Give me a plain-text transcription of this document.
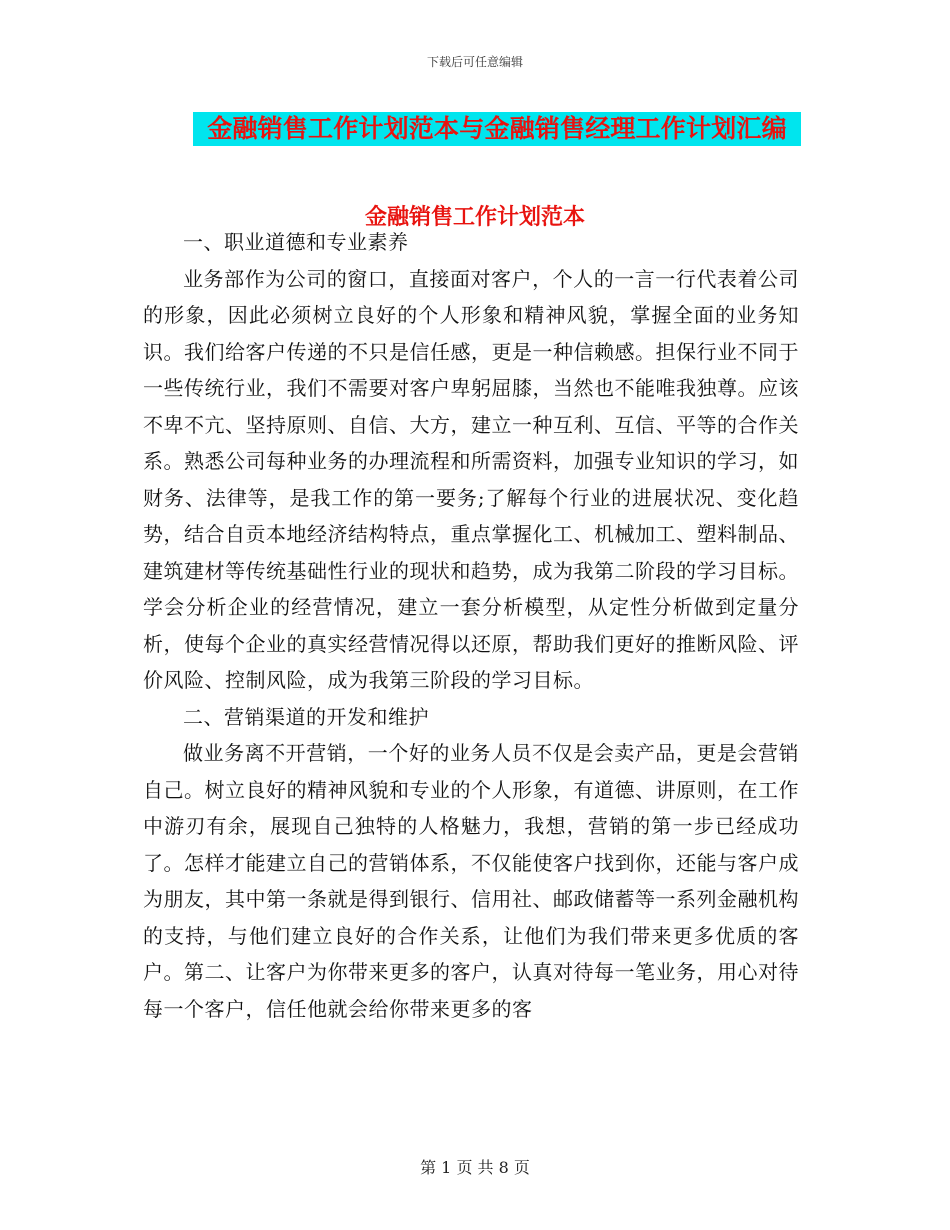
下载后可任意编辑
金融销售工作计划范本与金融销售经理工作计划汇编
金融销售工作计划范本

一、职业道德和专业素养

业务部作为公司的窗口，直接面对客户，个人的一言一行代表着公司的形象，因此必须树立良好的个人形象和精神风貌，掌握全面的业务知识。我们给客户传递的不只是信任感，更是一种信赖感。担保行业不同于一些传统行业，我们不需要对客户卑躬屈膝，当然也不能唯我独尊。应该不卑不亢、坚持原则、自信、大方，建立一种互利、互信、平等的合作关系。熟悉公司每种业务的办理流程和所需资料，加强专业知识的学习，如财务、法律等，是我工作的第一要务;了解每个行业的进展状况、变化趋势，结合自贡本地经济结构特点，重点掌握化工、机械加工、塑料制品、建筑建材等传统基础性行业的现状和趋势，成为我第二阶段的学习目标。学会分析企业的经营情况，建立一套分析模型，从定性分析做到定量分析，使每个企业的真实经营情况得以还原，帮助我们更好的推断风险、评价风险、控制风险，成为我第三阶段的学习目标。

二、营销渠道的开发和维护

做业务离不开营销，一个好的业务人员不仅是会卖产品，更是会营销自己。树立良好的精神风貌和专业的个人形象，有道德、讲原则，在工作中游刃有余，展现自己独特的人格魅力，我想，营销的第一步已经成功了。怎样才能建立自己的营销体系，不仅能使客户找到你，还能与客户成为朋友，其中第一条就是得到银行、信用社、邮政储蓄等一系列金融机构的支持，与他们建立良好的合作关系，让他们为我们带来更多优质的客户。第二、让客户为你带来更多的客户，认真对待每一笔业务，用心对待每一个客户，信任他就会给你带来更多的客

第 1 页 共 8 页
